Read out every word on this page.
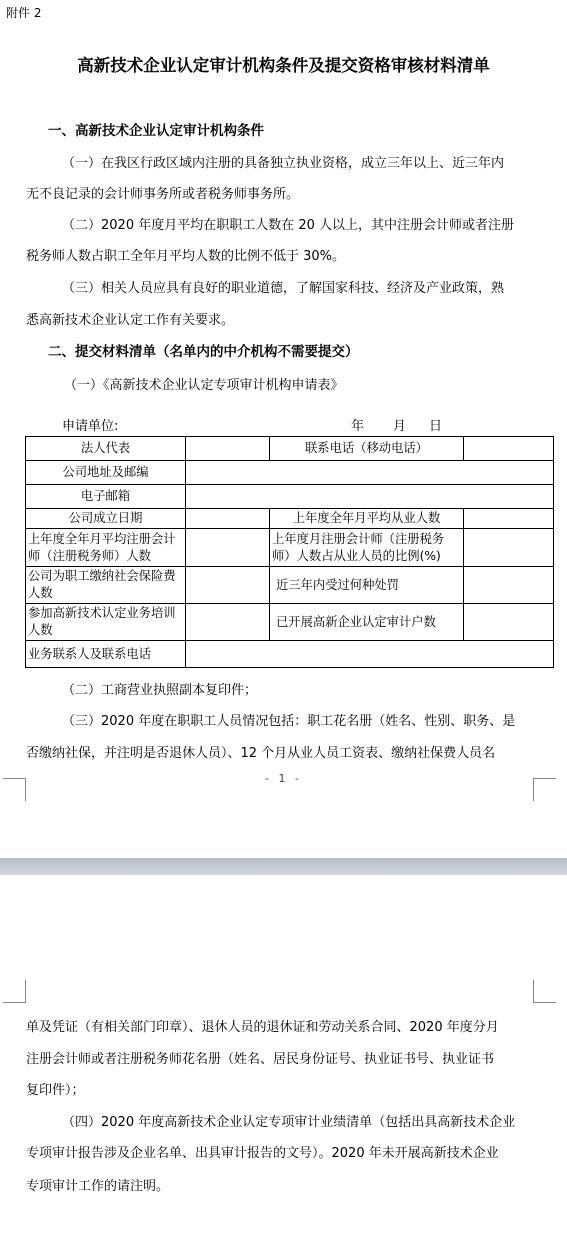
附件 2
高新技术企业认定审计机构条件及提交资格审核材料清单
一、高新技术企业认定审计机构条件
（一）在我区行政区域内注册的具备独立执业资格，成立三年以上、近三年内
无不良记录的会计师事务所或者税务师事务所。
（二）2020 年度月平均在职职工人数在 20 人以上，其中注册会计师或者注册
税务师人数占职工全年月平均人数的比例不低于 30%。
（三）相关人员应具有良好的职业道德，了解国家科技、经济及产业政策，熟
悉高新技术企业认定工作有关要求。
二、提交材料清单（名单内的中介机构不需要提交）
（一）《高新技术企业认定专项审计机构申请表》
申请单位:	年 月 日
法人代表		联系电话（移动电话）	
公司地址及邮编			
电子邮箱			
公司成立日期		上年度全年月平均从业人数	
上年度全年月平均注册会计师（注册税务师）人数		上年度月注册会计师（注册税务师）人数占从业人员的比例(%)	
公司为职工缴纳社会保险费人数		近三年内受过何种处罚	
参加高新技术认定业务培训人数		已开展高新企业认定审计户数	
业务联系人及联系电话			
（二）工商营业执照副本复印件；
（三）2020 年度在职职工人员情况包括：职工花名册（姓名、性别、职务、是
否缴纳社保，并注明是否退休人员）、12 个月从业人员工资表、缴纳社保费人员名
- 1 -
单及凭证（有相关部门印章）、退休人员的退休证和劳动关系合同、2020 年度分月
注册会计师或者注册税务师花名册（姓名、居民身份证号、执业证书号、执业证书
复印件）；
（四）2020 年度高新技术企业认定专项审计业绩清单（包括出具高新技术企业
专项审计报告涉及企业名单、出具审计报告的文号）。2020 年未开展高新技术企业
专项审计工作的请注明。
